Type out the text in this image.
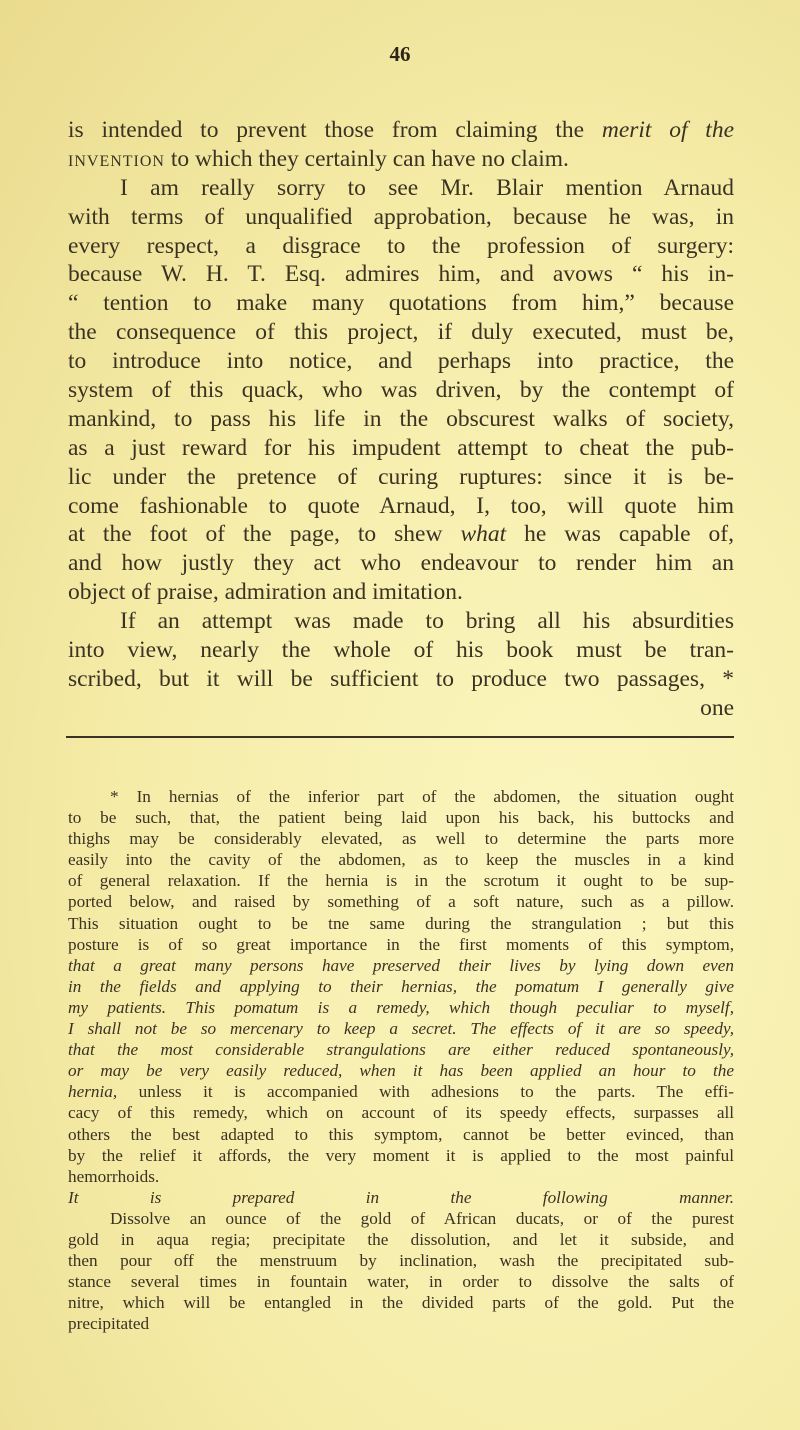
46
is intended to prevent those from claiming the merit of the
invention to which they certainly can have no claim.
I am really sorry to see Mr. Blair mention Arnaud
with terms of unqualified approbation, because he was, in
every respect, a disgrace to the profession of surgery:
because W. H. T. Esq. admires him, and avows “ his in-
“ tention to make many quotations from him,” because
the consequence of this project, if duly executed, must be,
to introduce into notice, and perhaps into practice, the
system of this quack, who was driven, by the contempt of
mankind, to pass his life in the obscurest walks of society,
as a just reward for his impudent attempt to cheat the pub-
lic under the pretence of curing ruptures: since it is be-
come fashionable to quote Arnaud, I, too, will quote him
at the foot of the page, to shew what he was capable of,
and how justly they act who endeavour to render him an
object of praise, admiration and imitation.
If an attempt was made to bring all his absurdities
into view, nearly the whole of his book must be tran-
scribed, but it will be sufficient to produce two passages, *
one
* In hernias of the inferior part of the abdomen, the situation ought
to be such, that, the patient being laid upon his back, his buttocks and
thighs may be considerably elevated, as well to determine the parts more
easily into the cavity of the abdomen, as to keep the muscles in a kind
of general relaxation. If the hernia is in the scrotum it ought to be sup-
ported below, and raised by something of a soft nature, such as a pillow.
This situation ought to be tne same during the strangulation ; but this
posture is of so great importance in the first moments of this symptom,
that a great many persons have preserved their lives by lying down even
in the fields and applying to their hernias, the pomatum I generally give
my patients. This pomatum is a remedy, which though peculiar to myself,
I shall not be so mercenary to keep a secret. The effects of it are so speedy,
that the most considerable strangulations are either reduced spontaneously,
or may be very easily reduced, when it has been applied an hour to the
hernia, unless it is accompanied with adhesions to the parts. The effi-
cacy of this remedy, which on account of its speedy effects, surpasses all
others the best adapted to this symptom, cannot be better evinced, than
by the relief it affords, the very moment it is applied to the most painful
hemorrhoids.
It is prepared in the following manner.
Dissolve an ounce of the gold of African ducats, or of the purest
gold in aqua regia; precipitate the dissolution, and let it subside, and
then pour off the menstruum by inclination, wash the precipitated sub-
stance several times in fountain water, in order to dissolve the salts of
nitre, which will be entangled in the divided parts of the gold. Put the
precipitated
